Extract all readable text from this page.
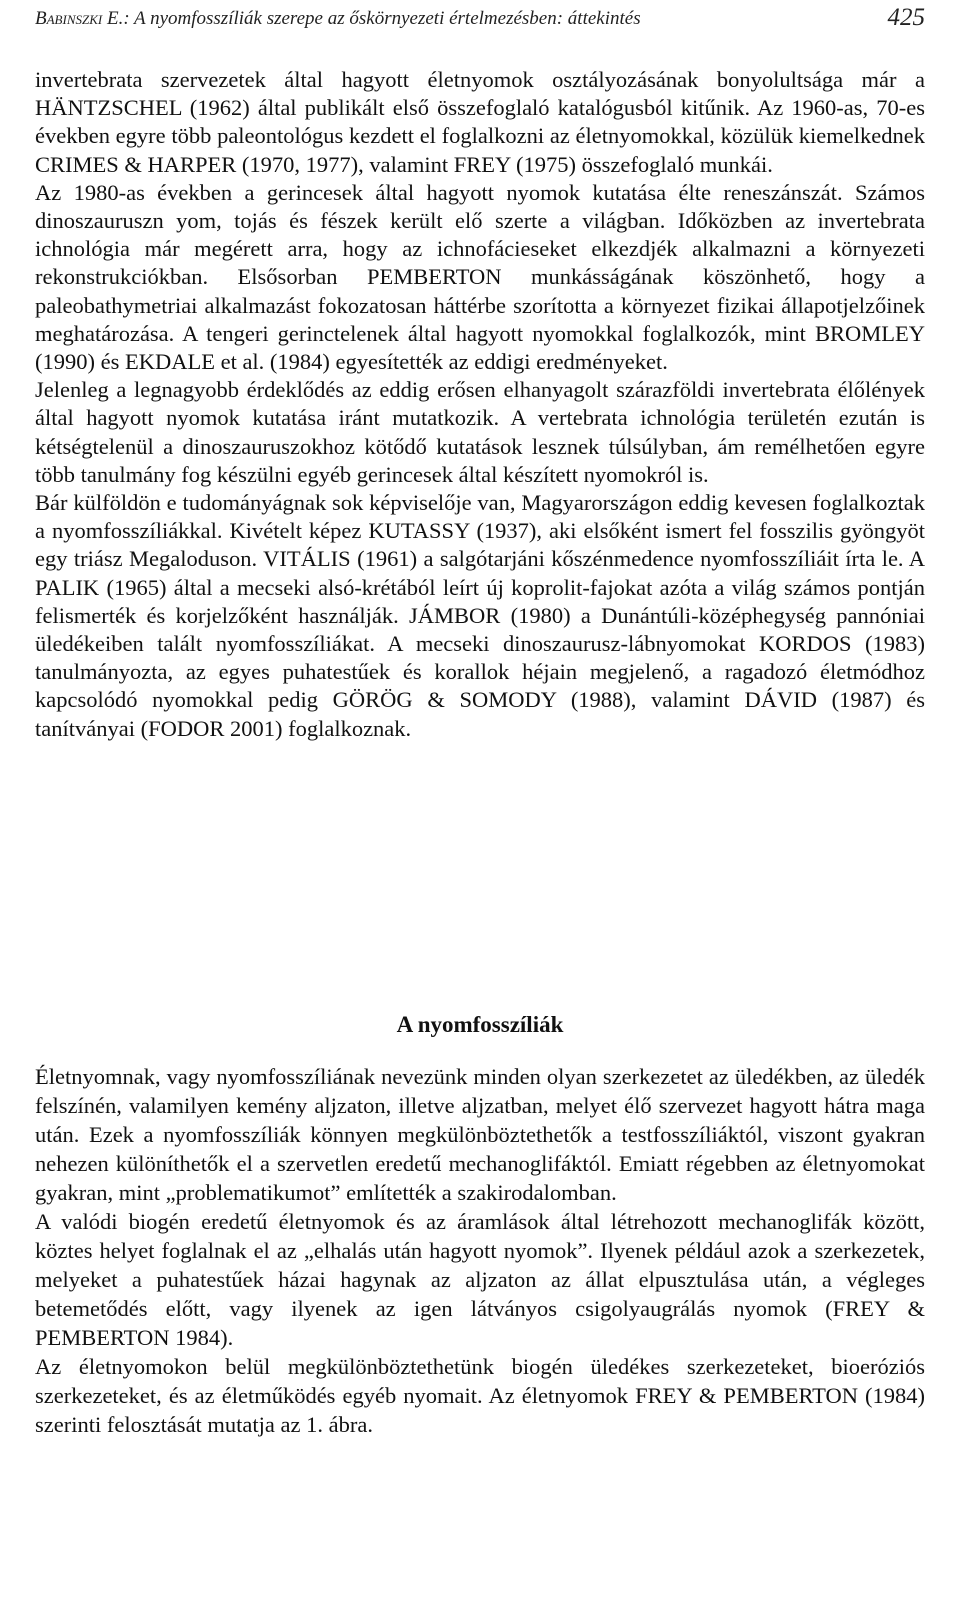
Babinszki E.: A nyomfosszíliák szerepe az őskörnyezeti értelmezésben: áttekintés	425

invertebrata szervezetek által hagyott életnyomok osztályozásának bonyolultsága már a HÄNTZSCHEL (1962) által publikált első összefoglaló katalógusból kitűnik. Az 1960-as, 70-es években egyre több paleontológus kezdett el foglalkozni az életnyomokkal, közülük kiemelkednek CRIMES & HARPER (1970, 1977), valamint FREY (1975) összefoglaló munkái.

Az 1980-as években a gerincesek által hagyott nyomok kutatása élte reneszánszát. Számos dinoszauruszn yom, tojás és fészek került elő szerte a világban. Időközben az invertebrata ichnológia már megérett arra, hogy az ichnofácieseket elkezdjék alkalmazni a környezeti rekonstrukciókban. Elsősorban PEMBERTON munkásságának köszönhető, hogy a paleobathymetriai alkalmazást fokozatosan háttérbe szorította a környezet fizikai állapotjelzőinek meghatározása. A tengeri gerinctelenek által hagyott nyomokkal foglalkozók, mint BROMLEY (1990) és EKDALE et al. (1984) egyesítették az eddigi eredményeket.

Jelenleg a legnagyobb érdeklődés az eddig erősen elhanyagolt szárazföldi invertebrata élőlények által hagyott nyomok kutatása iránt mutatkozik. A vertebrata ichnológia területén ezután is kétségtelenül a dinoszauruszokhoz kötődő kutatások lesznek túlsúlyban, ám remélhetően egyre több tanulmány fog készülni egyéb gerincesek által készített nyomokról is.

Bár külföldön e tudományágnak sok képviselője van, Magyarországon eddig kevesen foglalkoztak a nyomfosszíliákkal. Kivételt képez KUTASSY (1937), aki elsőként ismert fel fosszilis gyöngyöt egy triász Megaloduson. VITÁLIS (1961) a salgótarjáni kőszénmedence nyomfosszíliáit írta le. A PALIK (1965) által a mecseki alsó-krétából leírt új koprolit-fajokat azóta a világ számos pontján felismerték és korjelzőként használják. JÁMBOR (1980) a Dunántúli-középhegység pannóniai üledékeiben talált nyomfosszíliákat. A mecseki dinoszaurusz-lábnyomokat KORDOS (1983) tanulmányozta, az egyes puhatestűek és korallok héjain megjelenő, a ragadozó életmódhoz kapcsolódó nyomokkal pedig GÖRÖG & SOMODY (1988), valamint DÁVID (1987) és tanítványai (FODOR 2001) foglalkoznak.

A nyomfosszíliák

Életnyomnak, vagy nyomfosszíliának nevezünk minden olyan szerkezetet az üledékben, az üledék felszínén, valamilyen kemény aljzaton, illetve aljzatban, melyet élő szervezet hagyott hátra maga után. Ezek a nyomfosszíliák könnyen megkülönböztethetők a testfosszíliáktól, viszont gyakran nehezen különíthetők el a szervetlen eredetű mechanoglifáktól. Emiatt régebben az életnyomokat gyakran, mint „problematikumot” említették a szakirodalomban.

A valódi biogén eredetű életnyomok és az áramlások által létrehozott mechanoglifák között, köztes helyet foglalnak el az „elhalás után hagyott nyomok”. Ilyenek például azok a szerkezetek, melyeket a puhatestűek házai hagynak az aljzaton az állat elpusztulása után, a végleges betemetődés előtt, vagy ilyenek az igen látványos csigolyaugrálás nyomok (FREY & PEMBERTON 1984).

Az életnyomokon belül megkülönböztethetünk biogén üledékes szerkezeteket, bioeróziós szerkezeteket, és az életműködés egyéb nyomait. Az életnyomok FREY & PEMBERTON (1984) szerinti felosztását mutatja az 1. ábra.
